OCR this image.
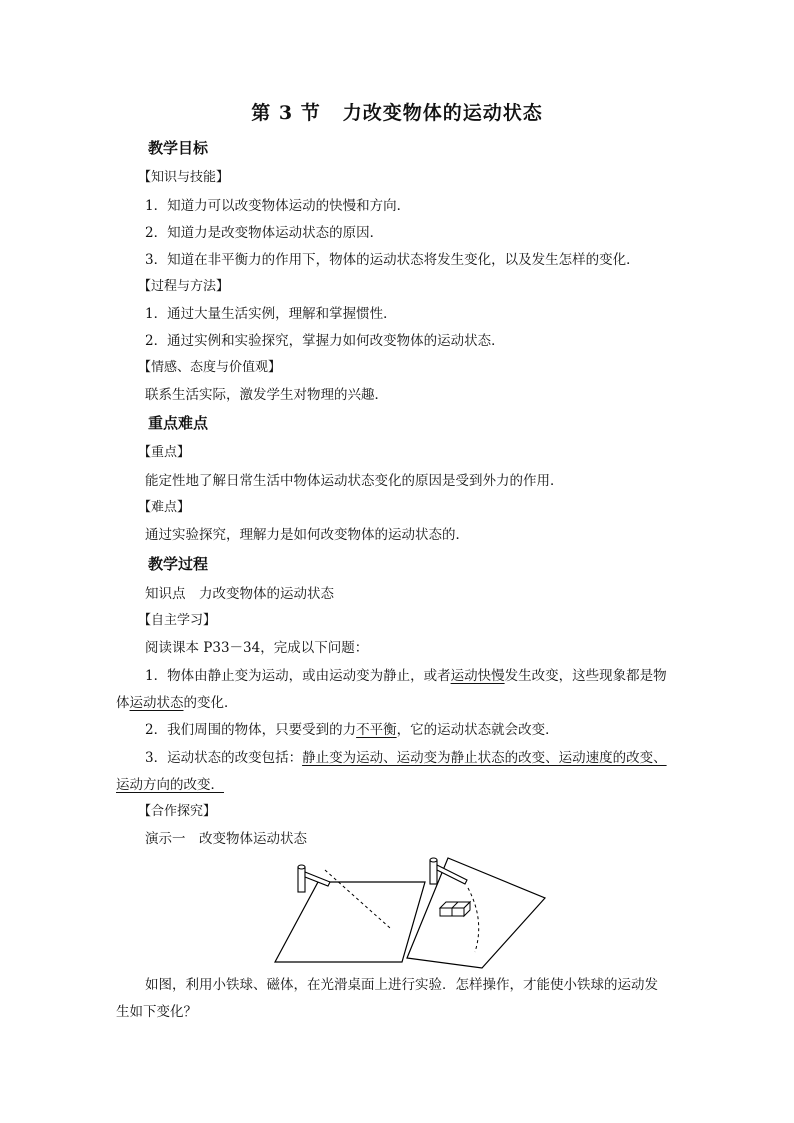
第 3 节 力改变物体的运动状态
教学目标
【知识与技能】
1．知道力可以改变物体运动的快慢和方向．
2．知道力是改变物体运动状态的原因．
3．知道在非平衡力的作用下，物体的运动状态将发生变化，以及发生怎样的变化．
【过程与方法】
1．通过大量生活实例，理解和掌握惯性．
2．通过实例和实验探究，掌握力如何改变物体的运动状态．
【情感、态度与价值观】
联系生活实际，激发学生对物理的兴趣．
重点难点
【重点】
能定性地了解日常生活中物体运动状态变化的原因是受到外力的作用．
【难点】
通过实验探究，理解力是如何改变物体的运动状态的．
教学过程
知识点　力改变物体的运动状态
【自主学习】
阅读课本 P33－34，完成以下问题：
1．物体由静止变为运动，或由运动变为静止，或者运动快慢发生改变，这些现象都是物
体运动状态的变化．
2．我们周围的物体，只要受到的力不平衡，它的运动状态就会改变．
3．运动状态的改变包括：静止变为运动、运动变为静止状态的改变、运动速度的改变、
运动方向的改变．
【合作探究】
演示一　改变物体运动状态
如图，利用小铁球、磁体，在光滑桌面上进行实验．怎样操作，才能使小铁球的运动发
生如下变化？
